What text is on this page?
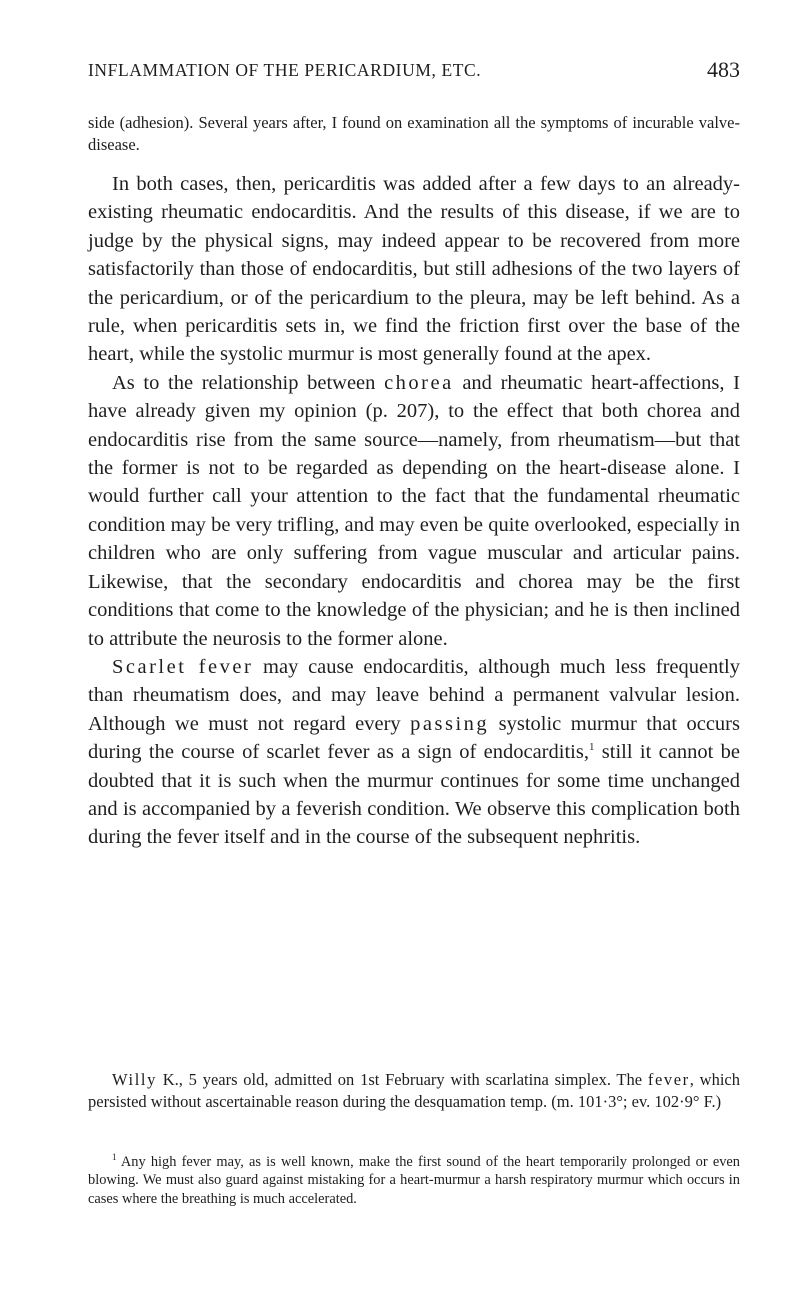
INFLAMMATION OF THE PERICARDIUM, ETC.	483

side (adhesion). Several years after, I found on examination all the symptoms of incurable valve-disease.

In both cases, then, pericarditis was added after a few days to an already-existing rheumatic endocarditis. And the results of this disease, if we are to judge by the physical signs, may indeed appear to be recovered from more satisfactorily than those of endocarditis, but still adhesions of the two layers of the pericardium, or of the pericardium to the pleura, may be left behind. As a rule, when pericarditis sets in, we find the friction first over the base of the heart, while the systolic murmur is most generally found at the apex.

As to the relationship between chorea and rheumatic heart-affections, I have already given my opinion (p. 207), to the effect that both chorea and endocarditis rise from the same source—namely, from rheumatism—but that the former is not to be regarded as depending on the heart-disease alone. I would further call your attention to the fact that the fundamental rheumatic condition may be very trifling, and may even be quite overlooked, especially in children who are only suffering from vague muscular and articular pains. Likewise, that the secondary endocarditis and chorea may be the first conditions that come to the knowledge of the physician; and he is then inclined to attribute the neurosis to the former alone.

Scarlet fever may cause endocarditis, although much less frequently than rheumatism does, and may leave behind a permanent valvular lesion. Although we must not regard every passing systolic murmur that occurs during the course of scarlet fever as a sign of endocarditis,$^1$ still it cannot be doubted that it is such when the murmur continues for some time unchanged and is accompanied by a feverish condition. We observe this complication both during the fever itself and in the course of the subsequent nephritis.

Willy K., 5 years old, admitted on 1st February with scarlatina simplex. The fever, which persisted without ascertainable reason during the desquamation temp. (m. 101·3°; ev. 102·9° F.)

$^1$ Any high fever may, as is well known, make the first sound of the heart temporarily prolonged or even blowing. We must also guard against mistaking for a heart-murmur a harsh respiratory murmur which occurs in cases where the breathing is much accelerated.
